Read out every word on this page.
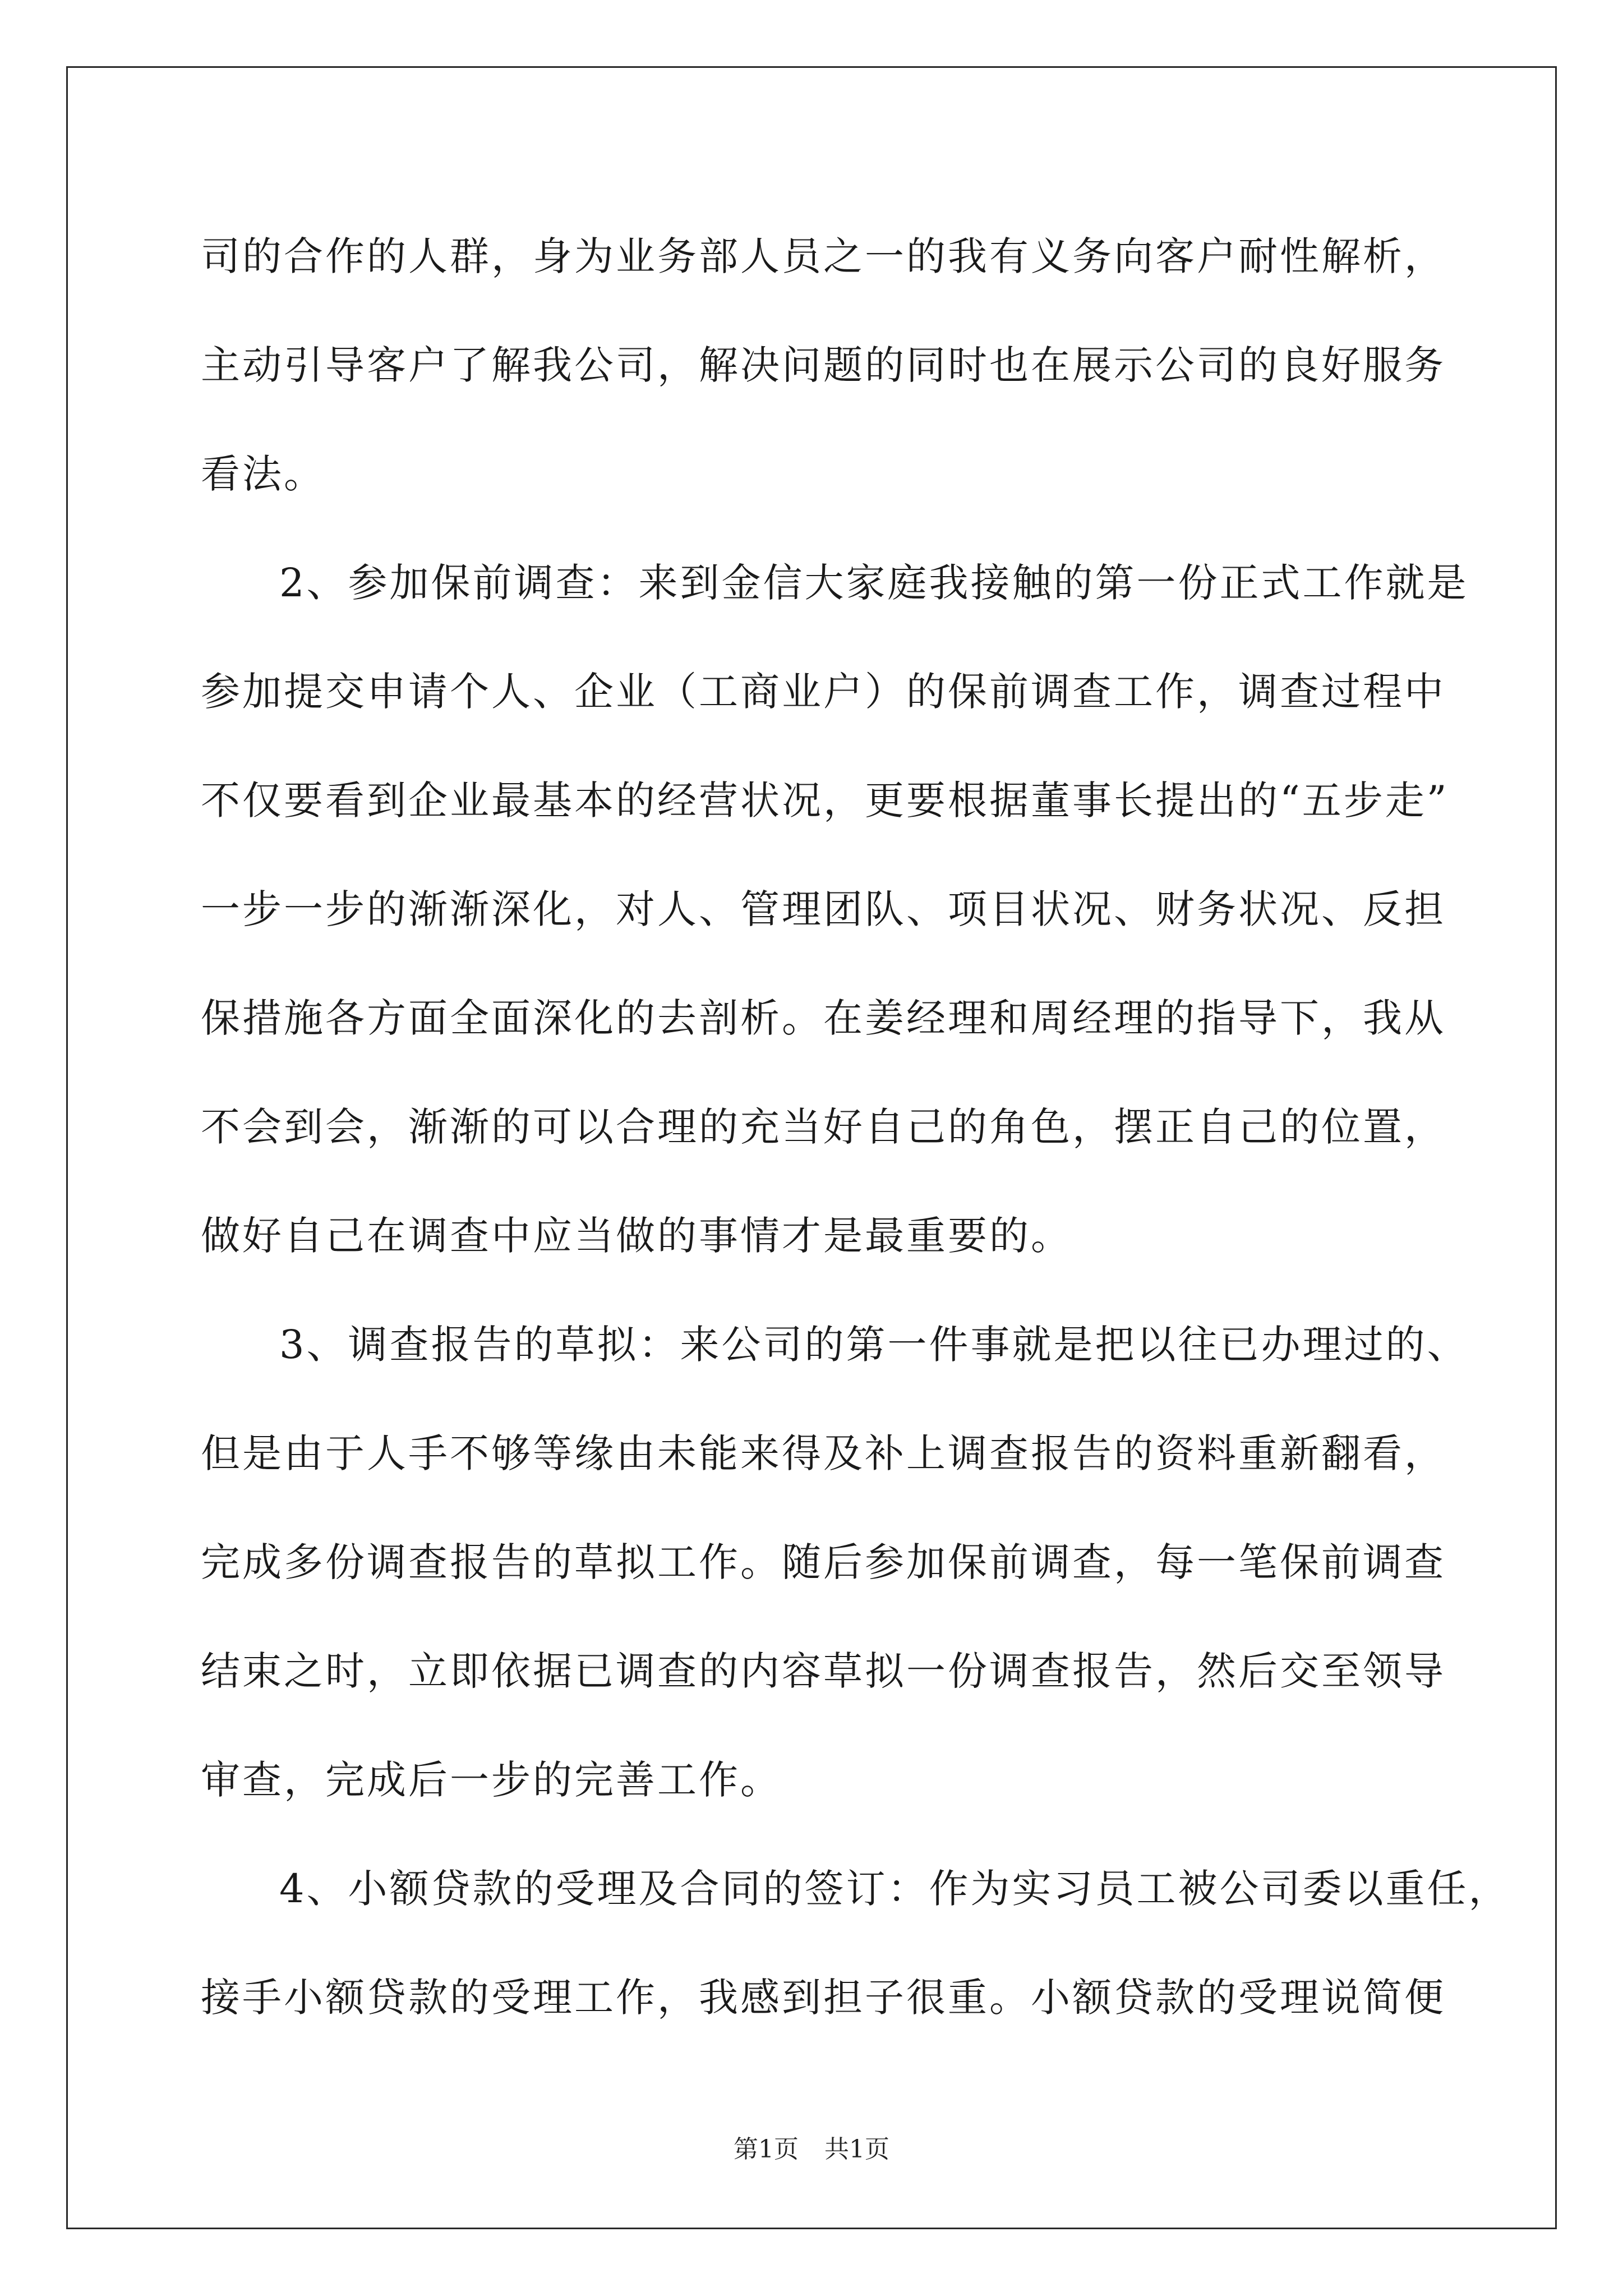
司的合作的人群，身为业务部人员之一的我有义务向客户耐性解析，
主动引导客户了解我公司，解决问题的同时也在展示公司的良好服务
看法。
2、参加保前调查：来到金信大家庭我接触的第一份正式工作就是
参加提交申请个人、企业（工商业户）的保前调查工作，调查过程中
不仅要看到企业最基本的经营状况，更要根据董事长提出的“五步走”
一步一步的渐渐深化，对人、管理团队、项目状况、财务状况、反担
保措施各方面全面深化的去剖析。在姜经理和周经理的指导下，我从
不会到会，渐渐的可以合理的充当好自己的角色，摆正自己的位置，
做好自己在调查中应当做的事情才是最重要的。
3、调查报告的草拟：来公司的第一件事就是把以往已办理过的、
但是由于人手不够等缘由未能来得及补上调查报告的资料重新翻看，
完成多份调查报告的草拟工作。随后参加保前调查，每一笔保前调查
结束之时，立即依据已调查的内容草拟一份调查报告，然后交至领导
审查，完成后一步的完善工作。
4、小额贷款的受理及合同的签订：作为实习员工被公司委以重任，
接手小额贷款的受理工作，我感到担子很重。小额贷款的受理说简便
第1页 共1页
